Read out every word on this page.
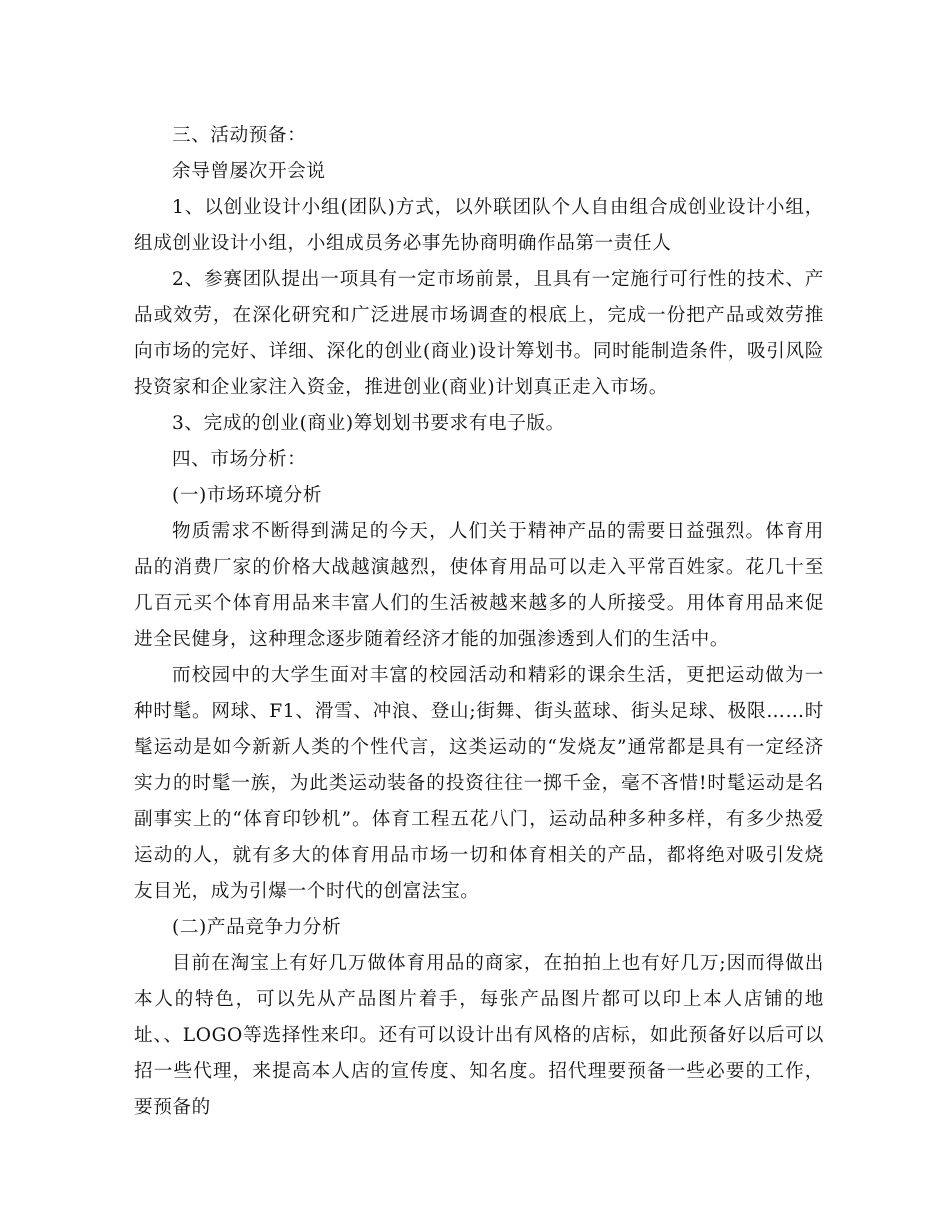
三、活动预备：

余导曾屡次开会说

1、以创业设计小组(团队)方式，以外联团队个人自由组合成创业设计小组，组成创业设计小组，小组成员务必事先协商明确作品第一责任人

2、参赛团队提出一项具有一定市场前景，且具有一定施行可行性的技术、产品或效劳，在深化研究和广泛进展市场调查的根底上，完成一份把产品或效劳推向市场的完好、详细、深化的创业(商业)设计筹划书。同时能制造条件，吸引风险投资家和企业家注入资金，推进创业(商业)计划真正走入市场。

3、完成的创业(商业)筹划划书要求有电子版。

四、市场分析：

(一)市场环境分析

物质需求不断得到满足的今天，人们关于精神产品的需要日益强烈。体育用品的消费厂家的价格大战越演越烈，使体育用品可以走入平常百姓家。花几十至几百元买个体育用品来丰富人们的生活被越来越多的人所接受。用体育用品来促进全民健身，这种理念逐步随着经济才能的加强渗透到人们的生活中。

而校园中的大学生面对丰富的校园活动和精彩的课余生活，更把运动做为一种时髦。网球、F1、滑雪、冲浪、登山;街舞、街头蓝球、街头足球、极限……时髦运动是如今新新人类的个性代言，这类运动的“发烧友”通常都是具有一定经济实力的时髦一族，为此类运动装备的投资往往一掷千金，毫不吝惜!时髦运动是名副事实上的“体育印钞机”。体育工程五花八门，运动品种多种多样，有多少热爱运动的人，就有多大的体育用品市场一切和体育相关的产品，都将绝对吸引发烧友目光，成为引爆一个时代的创富法宝。

(二)产品竞争力分析

目前在淘宝上有好几万做体育用品的商家，在拍拍上也有好几万;因而得做出本人的特色，可以先从产品图片着手，每张产品图片都可以印上本人店铺的地址、、LOGO等选择性来印。还有可以设计出有风格的店标，如此预备好以后可以招一些代理，来提高本人店的宣传度、知名度。招代理要预备一些必要的工作，要预备的
